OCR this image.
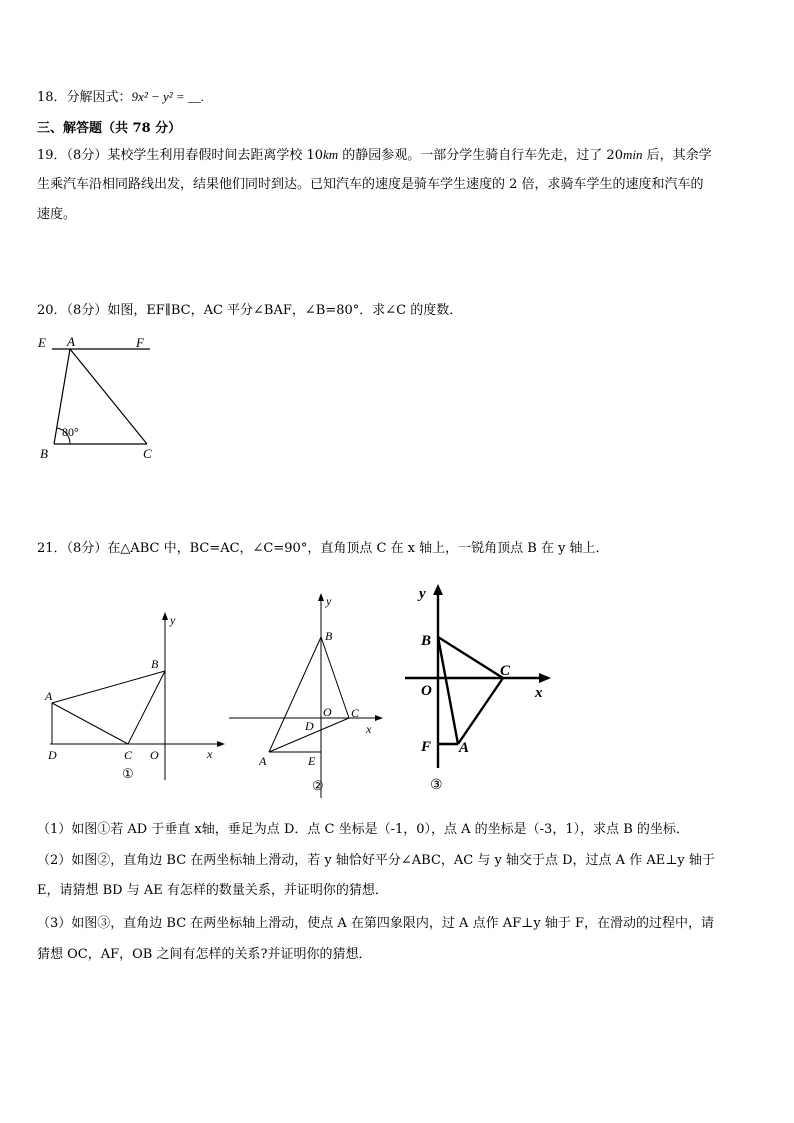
18．分解因式：9x² − y² = __.
三、解答题（共 78 分）
19．（8分）某校学生利用春假时间去距离学校 10km 的静园参观。一部分学生骑自行车先走，过了 20min 后，其余学
生乘汽车沿相同路线出发，结果他们同时到达。已知汽车的速度是骑车学生速度的 2 倍，求骑车学生的速度和汽车的
速度。
20．（8分）如图，EF∥BC，AC 平分∠BAF，∠B=80°．求∠C 的度数．
E A	F
B	C
80°
21．（8分）在△ABC 中，BC=AC，∠C=90°，直角顶点 C 在 x 轴上，一锐角顶点 B 在 y 轴上．
y
x
A
B
C
D	O
①
y
x
B
C
O
D
A	E
②
y
x
B
C
O
F A
③
（1）如图①若 AD 于垂直 x轴，垂足为点 D．点 C 坐标是（-1，0），点 A 的坐标是（-3，1），求点 B 的坐标．
（2）如图②，直角边 BC 在两坐标轴上滑动，若 y 轴恰好平分∠ABC，AC 与 y 轴交于点 D，过点 A 作 AE⊥y 轴于
E，请猜想 BD 与 AE 有怎样的数量关系，并证明你的猜想．
（3）如图③，直角边 BC 在两坐标轴上滑动，使点 A 在第四象限内，过 A 点作 AF⊥y 轴于 F，在滑动的过程中，请
猜想 OC，AF，OB 之间有怎样的关系?并证明你的猜想．
